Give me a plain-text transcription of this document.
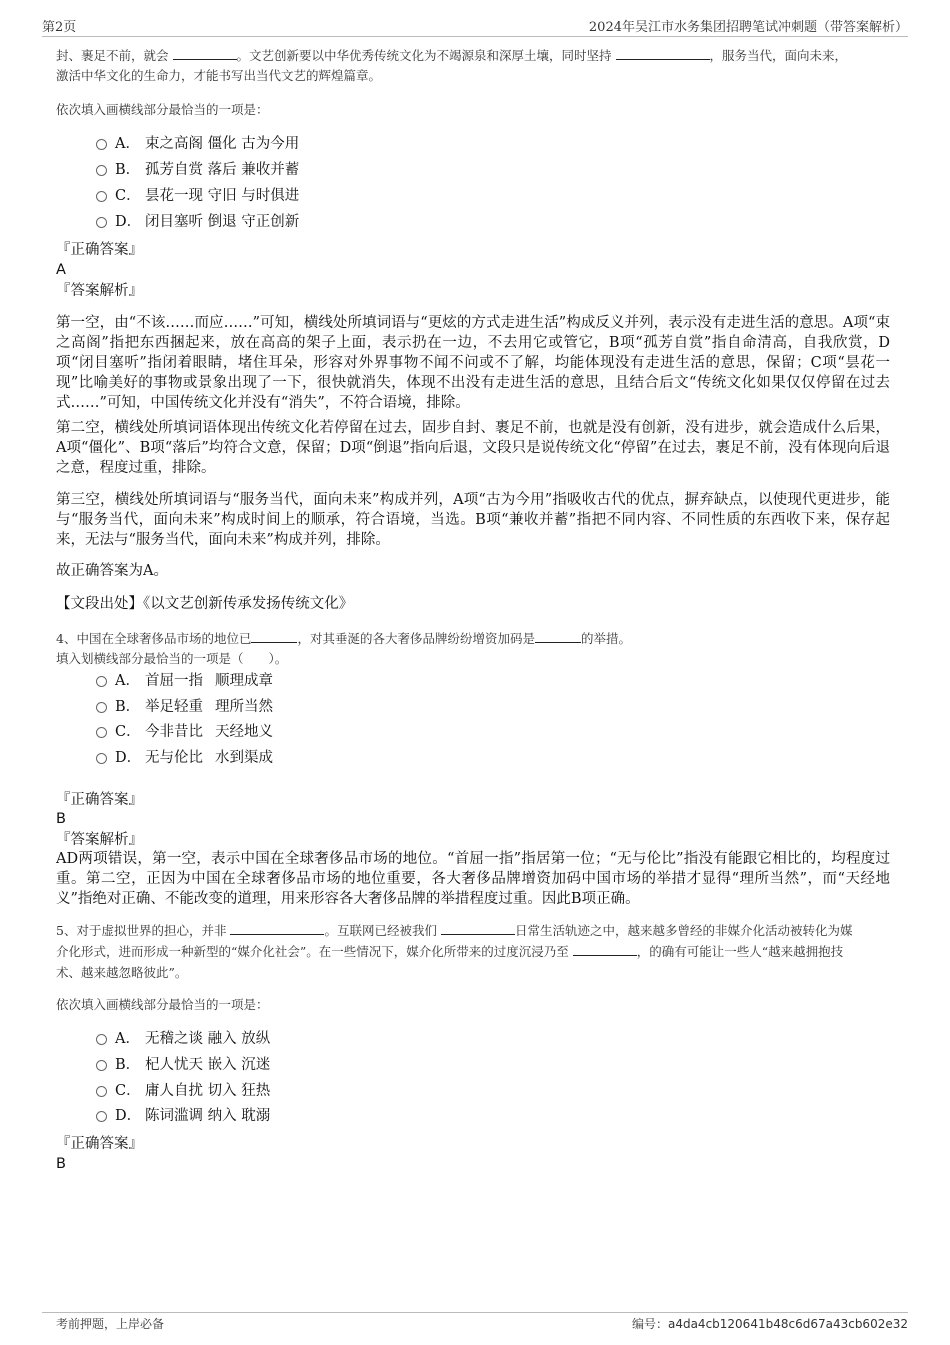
第2页	2024年吴江市水务集团招聘笔试冲刺题（带答案解析）
封、裹足不前，就会	。文艺创新要以中华优秀传统文化为不竭源泉和深厚土壤，同时坚持	，服务当代，面向未来，
激活中华文化的生命力，才能书写出当代文艺的辉煌篇章。
依次填入画横线部分最恰当的一项是：
A． 束之高阁 僵化 古为今用
B． 孤芳自赏 落后 兼收并蓄
C． 昙花一现 守旧 与时俱进
D． 闭目塞听 倒退 守正创新
『正确答案』
A
『答案解析』
第一空，由“不该……而应……”可知，横线处所填词语与“更炫的方式走进生活”构成反义并列，表示没有走进生活的意思。A项“束之高阁”指把东西捆起来，放在高高的架子上面，表示扔在一边，不去用它或管它，B项“孤芳自赏”指自命清高，自我欣赏，D项“闭目塞听”指闭着眼睛，堵住耳朵，形容对外界事物不闻不问或不了解，均能体现没有走进生活的意思，保留；C项“昙花一现”比喻美好的事物或景象出现了一下，很快就消失，体现不出没有走进生活的意思，且结合后文“传统文化如果仅仅停留在过去式……”可知，中国传统文化并没有“消失”，不符合语境，排除。
第二空，横线处所填词语体现出传统文化若停留在过去，固步自封、裹足不前，也就是没有创新，没有进步，就会造成什么后果，A项“僵化”、B项“落后”均符合文意，保留；D项“倒退”指向后退，文段只是说传统文化“停留”在过去，裹足不前，没有体现向后退之意，程度过重，排除。
第三空，横线处所填词语与“服务当代，面向未来”构成并列，A项“古为今用”指吸收古代的优点，摒弃缺点，以使现代更进步，能与“服务当代，面向未来”构成时间上的顺承，符合语境，当选。B项“兼收并蓄”指把不同内容、不同性质的东西收下来，保存起来，无法与“服务当代，面向未来”构成并列，排除。
故正确答案为A。
【文段出处】《以文艺创新传承发扬传统文化》
4、中国在全球奢侈品市场的地位已	，对其垂涎的各大奢侈品牌纷纷增资加码是	的举措。
填入划横线部分最恰当的一项是（　　）。
A． 首屈一指 顺理成章
B． 举足轻重 理所当然
C． 今非昔比 天经地义
D． 无与伦比 水到渠成
『正确答案』
B
『答案解析』
AD两项错误，第一空，表示中国在全球奢侈品市场的地位。“首屈一指”指居第一位；“无与伦比”指没有能跟它相比的，均程度过重。第二空，正因为中国在全球奢侈品市场的地位重要，各大奢侈品牌增资加码中国市场的举措才显得“理所当然”，而“天经地义”指绝对正确、不能改变的道理，用来形容各大奢侈品牌的举措程度过重。因此B项正确。
5、对于虚拟世界的担心，并非	。互联网已经被我们	日常生活轨迹之中，越来越多曾经的非媒介化活动被转化为媒
介化形式，进而形成一种新型的“媒介化社会”。在一些情况下，媒介化所带来的过度沉浸乃至	，的确有可能让一些人“越来越拥抱技
术、越来越忽略彼此”。
依次填入画横线部分最恰当的一项是：
A． 无稽之谈 融入 放纵
B． 杞人忧天 嵌入 沉迷
C． 庸人自扰 切入 狂热
D． 陈词滥调 纳入 耽溺
『正确答案』
B
考前押题，上岸必备	编号：a4da4cb120641b48c6d67a43cb602e32
